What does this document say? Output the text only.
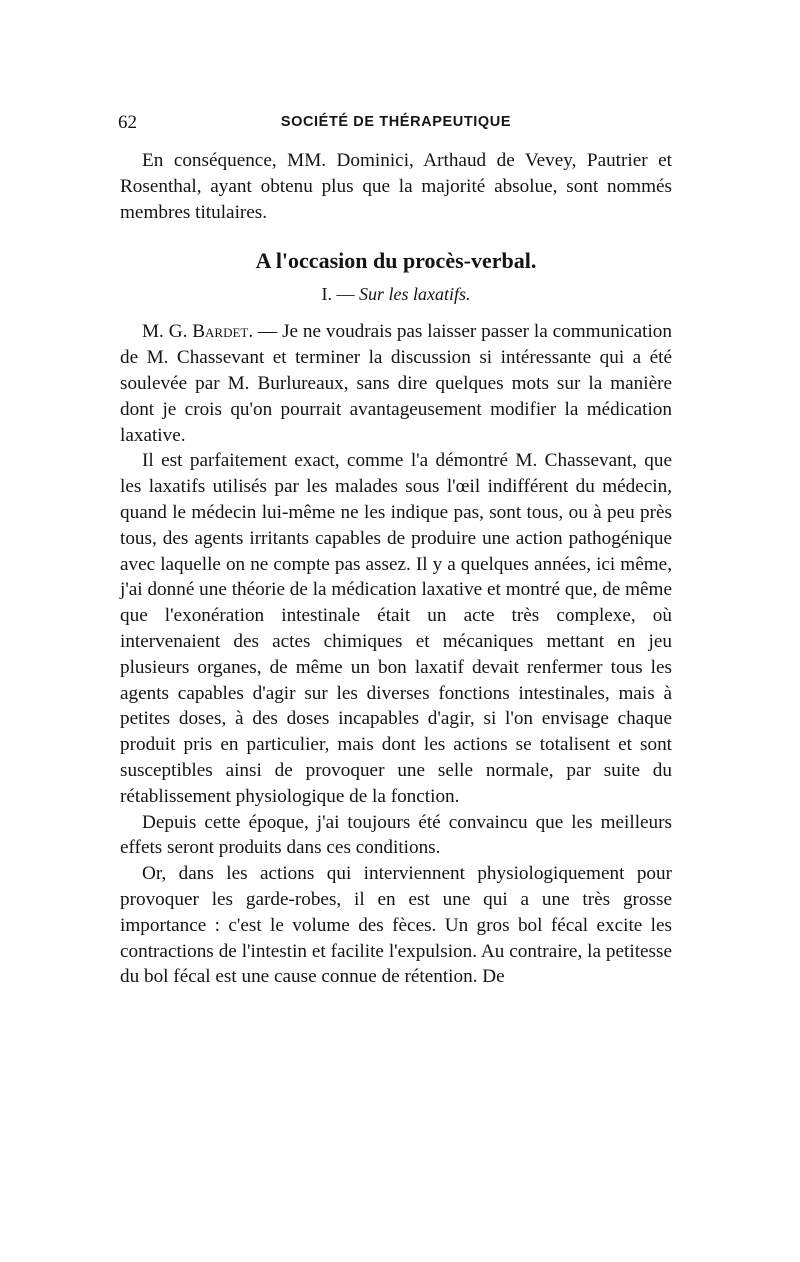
62	SOCIÉTÉ DE THÉRAPEUTIQUE

En conséquence, MM. Dominici, Arthaud de Vevey, Pautrier et Rosenthal, ayant obtenu plus que la majorité absolue, sont nommés membres titulaires.

A l'occasion du procès-verbal.
I. — Sur les laxatifs.

M. G. Bardet. — Je ne voudrais pas laisser passer la communication de M. Chassevant et terminer la discussion si intéressante qui a été soulevée par M. Burlureaux, sans dire quelques mots sur la manière dont je crois qu'on pourrait avantageusement modifier la médication laxative.

Il est parfaitement exact, comme l'a démontré M. Chassevant, que les laxatifs utilisés par les malades sous l'œil indifférent du médecin, quand le médecin lui-même ne les indique pas, sont tous, ou à peu près tous, des agents irritants capables de produire une action pathogénique avec laquelle on ne compte pas assez. Il y a quelques années, ici même, j'ai donné une théorie de la médication laxative et montré que, de même que l'exonération intestinale était un acte très complexe, où intervenaient des actes chimiques et mécaniques mettant en jeu plusieurs organes, de même un bon laxatif devait renfermer tous les agents capables d'agir sur les diverses fonctions intestinales, mais à petites doses, à des doses incapables d'agir, si l'on envisage chaque produit pris en particulier, mais dont les actions se totalisent et sont susceptibles ainsi de provoquer une selle normale, par suite du rétablissement physiologique de la fonction.

Depuis cette époque, j'ai toujours été convaincu que les meilleurs effets seront produits dans ces conditions.

Or, dans les actions qui interviennent physiologiquement pour provoquer les garde-robes, il en est une qui a une très grosse importance : c'est le volume des fèces. Un gros bol fécal excite les contractions de l'intestin et facilite l'expulsion. Au contraire, la petitesse du bol fécal est une cause connue de rétention. De
